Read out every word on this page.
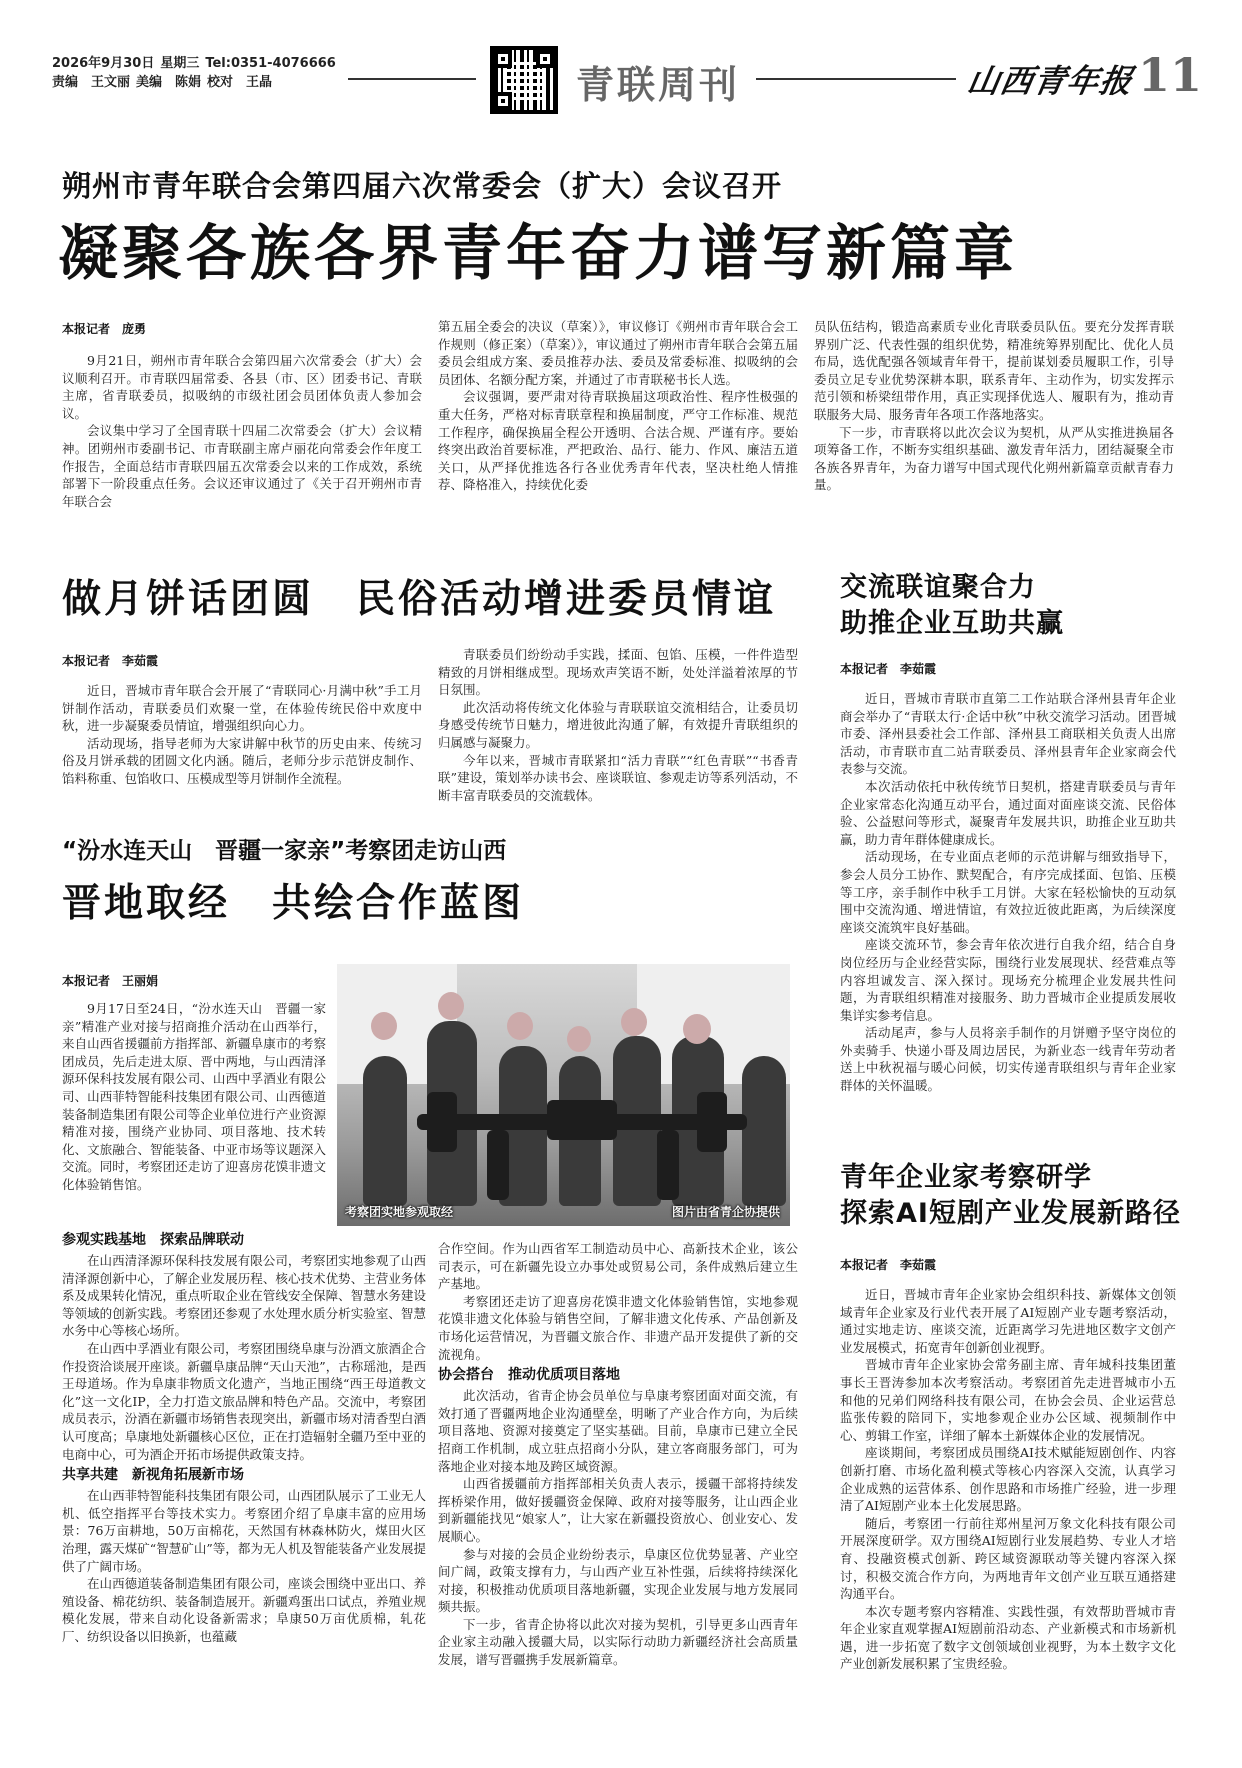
2026年9月30日 星期三 Tel:0351-4076666
责编　王文丽 美编　陈娟 校对　王晶	青联周刊	山西青年报 11
朔州市青年联合会第四届六次常委会（扩大）会议召开
凝聚各族各界青年奋力谱写新篇章
本报记者　庞勇

9月21日，朔州市青年联合会第四届六次常委会（扩大）会议顺利召开。市青联四届常委、各县（市、区）团委书记、青联主席，省青联委员，拟吸纳的市级社团会员团体负责人参加会议。

会议集中学习了全国青联十四届二次常委会（扩大）会议精神。团朔州市委副书记、市青联副主席卢丽花向常委会作年度工作报告，全面总结市青联四届五次常委会以来的工作成效，系统部署下一阶段重点任务。会议还审议通过了《关于召开朔州市青年联合会

第五届全委会的决议（草案）》，审议修订《朔州市青年联合会工作规则（修正案）（草案）》，审议通过了朔州市青年联合会第五届委员会组成方案、委员推荐办法、委员及常委标准、拟吸纳的会员团体、名额分配方案，并通过了市青联秘书长人选。

会议强调，要严肃对待青联换届这项政治性、程序性极强的重大任务，严格对标青联章程和换届制度，严守工作标准、规范工作程序，确保换届全程公开透明、合法合规、严谨有序。要始终突出政治首要标准，严把政治、品行、能力、作风、廉洁五道关口，从严择优推选各行各业优秀青年代表，坚决杜绝人情推荐、降格准入，持续优化委

员队伍结构，锻造高素质专业化青联委员队伍。要充分发挥青联界别广泛、代表性强的组织优势，精准统筹界别配比、优化人员布局，选优配强各领域青年骨干，提前谋划委员履职工作，引导委员立足专业优势深耕本职，联系青年、主动作为，切实发挥示范引领和桥梁纽带作用，真正实现择优选人、履职有为，推动青联服务大局、服务青年各项工作落地落实。

下一步，市青联将以此次会议为契机，从严从实推进换届各项筹备工作，不断夯实组织基础、激发青年活力，团结凝聚全市各族各界青年，为奋力谱写中国式现代化朔州新篇章贡献青春力量。

做月饼话团圆　民俗活动增进委员情谊
本报记者　李茹霞

近日，晋城市青年联合会开展了“青联同心·月满中秋”手工月饼制作活动，青联委员们欢聚一堂，在体验传统民俗中欢度中秋，进一步凝聚委员情谊，增强组织向心力。

活动现场，指导老师为大家讲解中秋节的历史由来、传统习俗及月饼承载的团圆文化内涵。随后，老师分步示范饼皮制作、馅料称重、包馅收口、压模成型等月饼制作全流程。

青联委员们纷纷动手实践，揉面、包馅、压模，一件件造型精致的月饼相继成型。现场欢声笑语不断，处处洋溢着浓厚的节日氛围。

此次活动将传统文化体验与青联联谊交流相结合，让委员切身感受传统节日魅力，增进彼此沟通了解，有效提升青联组织的归属感与凝聚力。

今年以来，晋城市青联紧扣“活力青联”“红色青联”“书香青联”建设，策划举办读书会、座谈联谊、参观走访等系列活动，不断丰富青联委员的交流载体。

“汾水连天山　晋疆一家亲”考察团走访山西
晋地取经　共绘合作蓝图
本报记者　王丽娟

9月17日至24日，“汾水连天山　晋疆一家亲”精准产业对接与招商推介活动在山西举行，来自山西省援疆前方指挥部、新疆阜康市的考察团成员，先后走进太原、晋中两地，与山西清泽源环保科技发展有限公司、山西中孚酒业有限公司、山西菲特智能科技集团有限公司、山西德道装备制造集团有限公司等企业单位进行产业资源精准对接，围绕产业协同、项目落地、技术转化、文旅融合、智能装备、中亚市场等议题深入交流。同时，考察团还走访了迎喜房花馍非遗文化体验销售馆。

考察团实地参观取经	图片由省青企协提供

参观实践基地　探索品牌联动

在山西清泽源环保科技发展有限公司，考察团实地参观了山西清泽源创新中心，了解企业发展历程、核心技术优势、主营业务体系及成果转化情况，重点听取企业在管线安全保障、智慧水务建设等领域的创新实践。考察团还参观了水处理水质分析实验室、智慧水务中心等核心场所。

在山西中孚酒业有限公司，考察团围绕阜康与汾酒文旅酒企合作投资洽谈展开座谈。新疆阜康品牌“天山天池”，古称瑶池，是西王母道场。作为阜康非物质文化遗产，当地正围绕“西王母道教文化”这一文化IP，全力打造文旅品牌和特色产品。交流中，考察团成员表示，汾酒在新疆市场销售表现突出，新疆市场对清香型白酒认可度高；阜康地处新疆核心区位，正在打造辐射全疆乃至中亚的电商中心，可为酒企开拓市场提供政策支持。

共享共建　新视角拓展新市场

在山西菲特智能科技集团有限公司，山西团队展示了工业无人机、低空指挥平台等技术实力。考察团介绍了阜康丰富的应用场景：76万亩耕地，50万亩棉花，天然国有林森林防火，煤田火区治理，露天煤矿“智慧矿山”等，都为无人机及智能装备产业发展提供了广阔市场。

在山西德道装备制造集团有限公司，座谈会围绕中亚出口、养殖设备、棉花纺织、装备制造展开。新疆鸡蛋出口试点，养殖业规模化发展，带来自动化设备新需求；阜康50万亩优质棉，轧花厂、纺织设备以旧换新，也蕴藏

合作空间。作为山西省军工制造动员中心、高新技术企业，该公司表示，可在新疆先设立办事处或贸易公司，条件成熟后建立生产基地。

考察团还走访了迎喜房花馍非遗文化体验销售馆，实地参观花馍非遗文化体验与销售空间，了解非遗文化传承、产品创新及市场化运营情况，为晋疆文旅合作、非遗产品开发提供了新的交流视角。

协会搭台　推动优质项目落地

此次活动，省青企协会员单位与阜康考察团面对面交流，有效打通了晋疆两地企业沟通壁垒，明晰了产业合作方向，为后续项目落地、资源对接奠定了坚实基础。目前，阜康市已建立全民招商工作机制，成立驻点招商小分队，建立客商服务部门，可为落地企业对接本地及跨区域资源。

山西省援疆前方指挥部相关负责人表示，援疆干部将持续发挥桥梁作用，做好援疆资金保障、政府对接等服务，让山西企业到新疆能找见“娘家人”，让大家在新疆投资放心、创业安心、发展顺心。

参与对接的会员企业纷纷表示，阜康区位优势显著、产业空间广阔，政策支撑有力，与山西产业互补性强，后续将持续深化对接，积极推动优质项目落地新疆，实现企业发展与地方发展同频共振。

下一步，省青企协将以此次对接为契机，引导更多山西青年企业家主动融入援疆大局，以实际行动助力新疆经济社会高质量发展，谱写晋疆携手发展新篇章。

交流联谊聚合力
助推企业互助共赢
本报记者　李茹霞

近日，晋城市青联市直第二工作站联合泽州县青年企业商会举办了“青联太行·企话中秋”中秋交流学习活动。团晋城市委、泽州县委社会工作部、泽州县工商联相关负责人出席活动，市青联市直二站青联委员、泽州县青年企业家商会代表参与交流。

本次活动依托中秋传统节日契机，搭建青联委员与青年企业家常态化沟通互动平台，通过面对面座谈交流、民俗体验、公益慰问等形式，凝聚青年发展共识，助推企业互助共赢，助力青年群体健康成长。

活动现场，在专业面点老师的示范讲解与细致指导下，参会人员分工协作、默契配合，有序完成揉面、包馅、压模等工序，亲手制作中秋手工月饼。大家在轻松愉快的互动氛围中交流沟通、增进情谊，有效拉近彼此距离，为后续深度座谈交流筑牢良好基础。

座谈交流环节，参会青年依次进行自我介绍，结合自身岗位经历与企业经营实际，围绕行业发展现状、经营难点等内容坦诚发言、深入探讨。现场充分梳理企业发展共性问题，为青联组织精准对接服务、助力晋城市企业提质发展收集详实参考信息。

活动尾声，参与人员将亲手制作的月饼赠予坚守岗位的外卖骑手、快递小哥及周边居民，为新业态一线青年劳动者送上中秋祝福与暖心问候，切实传递青联组织与青年企业家群体的关怀温暖。

青年企业家考察研学
探索AI短剧产业发展新路径
本报记者　李茹霞

近日，晋城市青年企业家协会组织科技、新媒体文创领域青年企业家及行业代表开展了AI短剧产业专题考察活动，通过实地走访、座谈交流，近距离学习先进地区数字文创产业发展模式，拓宽青年创新创业视野。

晋城市青年企业家协会常务副主席、青年城科技集团董事长王晋涛参加本次考察活动。考察团首先走进晋城市小五和他的兄弟们网络科技有限公司，在协会会员、企业运营总监张传毅的陪同下，实地参观企业办公区域、视频制作中心、剪辑工作室，详细了解本土新媒体企业的发展情况。

座谈期间，考察团成员围绕AI技术赋能短剧创作、内容创新打磨、市场化盈利模式等核心内容深入交流，认真学习企业成熟的运营体系、创作思路和市场推广经验，进一步理清了AI短剧产业本土化发展思路。

随后，考察团一行前往郑州星河万象文化科技有限公司开展深度研学。双方围绕AI短剧行业发展趋势、专业人才培育、投融资模式创新、跨区域资源联动等关键内容深入探讨，积极交流合作方向，为两地青年文创产业互联互通搭建沟通平台。

本次专题考察内容精准、实践性强，有效帮助晋城市青年企业家直观掌握AI短剧前沿动态、产业新模式和市场新机遇，进一步拓宽了数字文创领域创业视野，为本土数字文化产业创新发展积累了宝贵经验。
